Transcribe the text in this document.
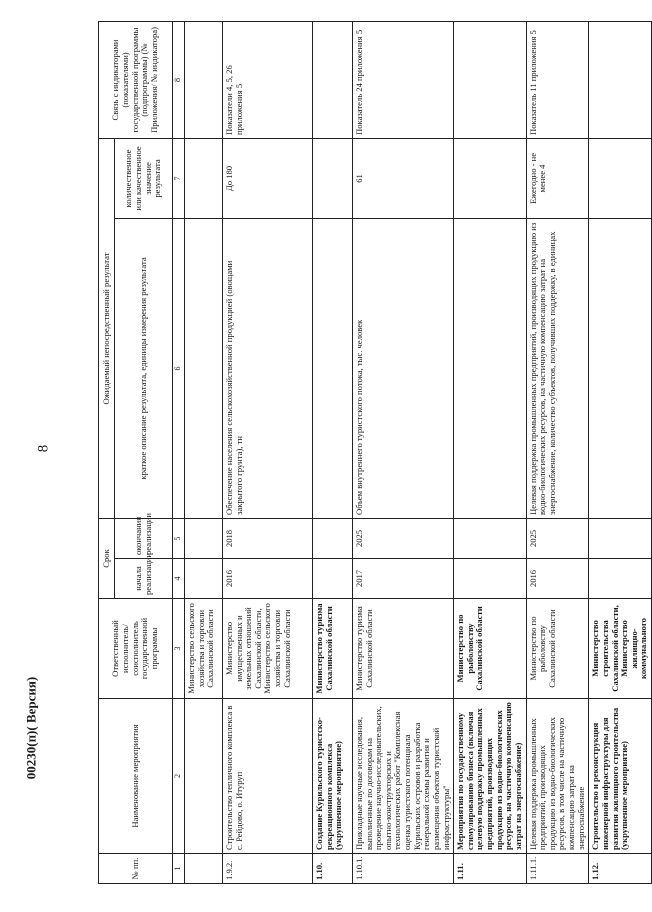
8
00230(п)( Версия)
№ пп.	Наименование мероприятия	Ответственный исполнитель/соисполнитель государственной программы	Срок		Ожидаемый непосредственный результат		Связь с индикаторами (показателями) государственной программы (подпрограммы) (№ Приложения/ № индикатора)
			начала реализации	окончания реализации	краткое описание результата, единицы измерения результата	количественное или качественное значение результата	
1	2	3	4	5	6	7	8
		Министерство сельского хозяйства и торговли Сахалинской области					
1.9.2.	Строительство тепличного комплекса в с. Рейдово, о. Итуруп	Министерство имущественных и земельных отношений Сахалинской области, Министерство сельского хозяйства и торговли Сахалинской области	2016	2018	Обеспечение населения сельскохозяйственной продукцией (овощами закрытого грунта), тн	До 180	Показатели 4, 5, 26 приложения 5
1.10.	Создание Курильского туристско-рекреационного комплекса (укрупненное мероприятие)	Министерство туризма Сахалинской области					
1.10.1.	Прикладные научные исследования, выполненные по договорам на проведение научно-исследовательских, опытно-конструкторских и технологических работ "Комплексная оценка туристского потенциала Курильских островов и разработка генеральной схемы развития и размещения объектов туристской инфраструктуры"	Министерство туризма Сахалинской области	2017	2025	Объем внутреннего туристского потока, тыс. человек	61	Показатель 24 приложения 5
1.11.	Мероприятия по государственному стимулированию бизнеса (включая целевую поддержку промышленных предприятий, производящих продукцию из водно-биологических ресурсов, на частичную компенсацию затрат на энергоснабжение)	Министерство по рыболовству Сахалинской области					
1.11.1.	Целевая поддержка промышленных предприятий, производящих продукцию из водно-биологических ресурсов, в том числе на частичную компенсацию затрат на энергоснабжение	Министерство по рыболовству Сахалинской области	2016	2025	Целевая поддержка промышленных предприятий, производящих продукцию из водно-биологических ресурсов, на частичную компенсацию затрат на энергоснабжение, количество субъектов, получивших поддержку, в единицах	Ежегодно - не менее 4	Показатель 11 приложения 5
1.12.	Строительство и реконструкция инженерной инфраструктуры для развития жилищного строительства (укрупненное мероприятие)	Министерство строительства Сахалинской области, Министерство жилищно-коммунального					
